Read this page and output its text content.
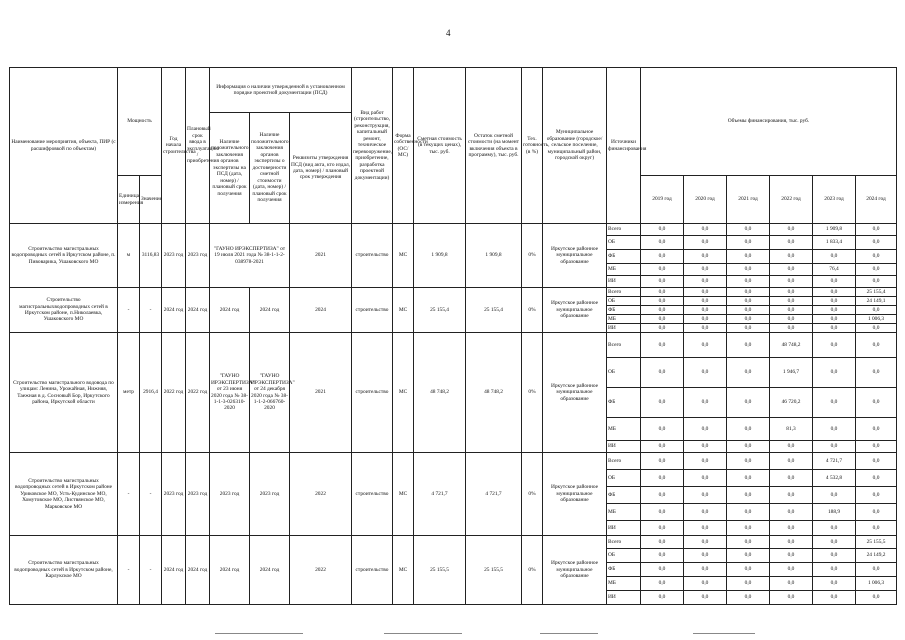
4
Наименование мероприятия, объекта, ПИР (с расшифровкой по объектам)	Мощность		Год начала строительства	Плановый срок ввода в эксплуатацию / приобретения	Информация о наличии утвержденной в установленном порядке проектной документации (ПСД)			Вид работ (строительство, реконструкция, капитальный ремонт, техническое перевооружение, приобретение, разработка проектной документации)	Форма собственности (ОС/МС)	Сметная стоимость (в текущих ценах), тыс. руб.	Остаток сметной стоимости (на момент включения объекта в программу), тыс. руб.	Тех. готовность, (в %)	Муниципальное образование (городское/сельское поселение, муниципальный район, городской округ)	Источники финансирования	Объемы финансирования, тыс. руб.					
					Наличие положительного заключения органов экспертизы на ПСД (дата, номер) / плановый срок получения	Наличие положительного заключения органов экспертизы о достоверности сметной стоимости (дата, номер) / плановый срок получения	Реквизиты утверждения ПСД (вид акта, кто издал, дата, номер) / плановый срок утверждения													
	Единица измерения	Значение													2019 год	2020 год	2021 год	2022 год	2023 год	2024 год
Строительство магистральных водопроводных сетей в Иркутском районе, п. Пивоварика, Ушаковского МО	м	3116,83	2023 год	2023 год	"ГАУНО ИРЭКСПЕРТИЗА" от 19 июля 2021 года № 38-1-1-2-038978-2021		2021	строительство	МС	1 909,8	1 909,8	0%	Иркутское районное муниципальное образование	Всего	0,0	0,0	0,0	0,0	1 909,8	0,0
														ОБ	0,0	0,0	0,0	0,0	1 833,4	0,0
														ФБ	0,0	0,0	0,0	0,0	0,0	0,0
														МБ	0,0	0,0	0,0	0,0	76,4	0,0
														ИИ	0,0	0,0	0,0	0,0	0,0	0,0
Строительство магистральныхводопроводных сетей в Иркутском районе, п.Николаевка, Ушаковского МО	-	-	2024 год	2024 год	2024 год	2024 год	2024	строительство	МС	25 155,4	25 155,4	0%	Иркутское районное муниципальное образование	Всего	0,0	0,0	0,0	0,0	0,0	25 155,4
														ОБ	0,0	0,0	0,0	0,0	0,0	24 149,1
														ФБ	0,0	0,0	0,0	0,0	0,0	0,0
														МБ	0,0	0,0	0,0	0,0	0,0	1 006,3
														ИИ	0,0	0,0	0,0	0,0	0,0	0,0
Строительство магистрального водовода по улицам: Ленина, Урожайная, Нижняя, Таежная в д. Сосновый Бор, Иркутского района, Иркутской области	метр	2916,4	2022 год	2022 год	"ГАУНО ИРЭКСПЕРТИЗА" от 23 июня 2020 года № 38-1-1-3-026310-2020	"ГАУНО ИРЭКСПЕРТИЗА" от 24 декабря 2020 года № 38-1-1-2-066760-2020	2021	строительство	МС	48 748,2	48 748,2	0%	Иркутское районное муниципальное образование	Всего	0,0	0,0	0,0	48 748,2	0,0	0,0
														ОБ	0,0	0,0	0,0	1 946,7	0,0	0,0
														ФБ	0,0	0,0	0,0	46 720,2	0,0	0,0
														МБ	0,0	0,0	0,0	81,3	0,0	0,0
														ИИ	0,0	0,0	0,0	0,0	0,0	0,0
Строительство магистральных водопроводных сетей в Иркутском районе Уриковское МО, Усть-Кудинское МО, Хомутовское МО, Листвянское МО, Марковское МО	-	-	2023 год	2023 год	2023 год	2023 год	2022	строительство	МС	4 721,7	4 721,7	0%	Иркутское районное муниципальное образование	Всего	0,0	0,0	0,0	0,0	4 721,7	0,0
														ОБ	0,0	0,0	0,0	0,0	4 532,8	0,0
														ФБ	0,0	0,0	0,0	0,0	0,0	0,0
														МБ	0,0	0,0	0,0	0,0	188,9	0,0
														ИИ	0,0	0,0	0,0	0,0	0,0	0,0
Строительство магистральных водопроводных сетей в Иркутском районе, Карлукское МО	-	-	2024 год	2024 год	2024 год	2024 год	2022	строительство	МС	25 155,5	25 155,5	0%	Иркутское районное муниципальное образование	Всего	0,0	0,0	0,0	0,0	0,0	25 155,5
														ОБ	0,0	0,0	0,0	0,0	0,0	24 149,2
														ФБ	0,0	0,0	0,0	0,0	0,0	0,0
														МБ	0,0	0,0	0,0	0,0	0,0	1 006,3
														ИИ	0,0	0,0	0,0	0,0	0,0	0,0
